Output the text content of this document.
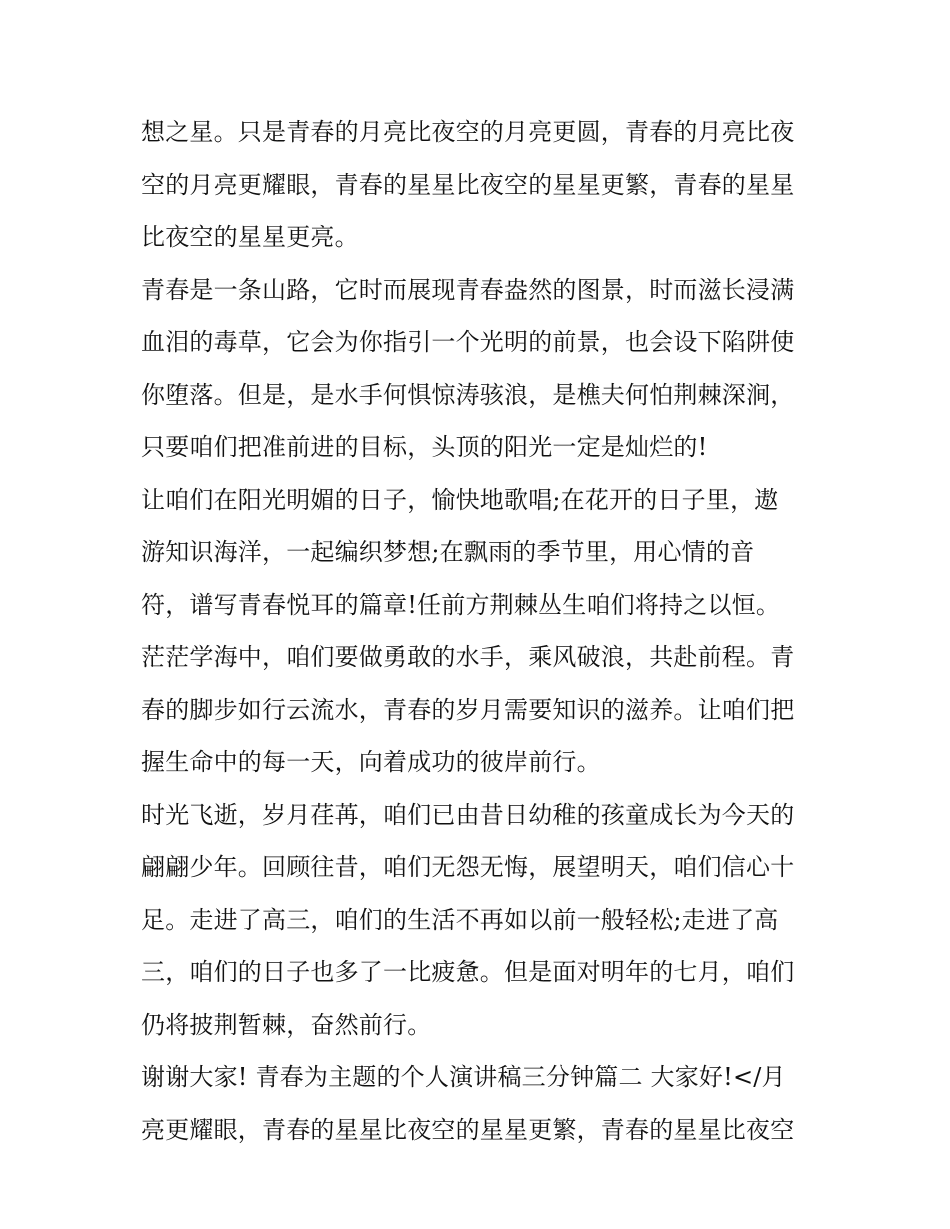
想之星。只是青春的月亮比夜空的月亮更圆，青春的月亮比夜
空的月亮更耀眼，青春的星星比夜空的星星更繁，青春的星星
比夜空的星星更亮。
青春是一条山路，它时而展现青春盎然的图景，时而滋长浸满
血泪的毒草，它会为你指引一个光明的前景，也会设下陷阱使
你堕落。但是，是水手何惧惊涛骇浪，是樵夫何怕荆棘深涧，
只要咱们把准前进的目标，头顶的阳光一定是灿烂的!
让咱们在阳光明媚的日子，愉快地歌唱;在花开的日子里，遨
游知识海洋，一起编织梦想;在飘雨的季节里，用心情的音
符，谱写青春悦耳的篇章!任前方荆棘丛生咱们将持之以恒。
茫茫学海中，咱们要做勇敢的水手，乘风破浪，共赴前程。青
春的脚步如行云流水，青春的岁月需要知识的滋养。让咱们把
握生命中的每一天，向着成功的彼岸前行。
时光飞逝，岁月荏苒，咱们已由昔日幼稚的孩童成长为今天的
翩翩少年。回顾往昔，咱们无怨无悔，展望明天，咱们信心十
足。走进了高三，咱们的生活不再如以前一般轻松;走进了高
三，咱们的日子也多了一比疲惫。但是面对明年的七月，咱们
仍将披荆暂棘，奋然前行。
谢谢大家! 青春为主题的个人演讲稿三分钟篇二 大家好!</月
亮更耀眼，青春的星星比夜空的星星更繁，青春的星星比夜空
